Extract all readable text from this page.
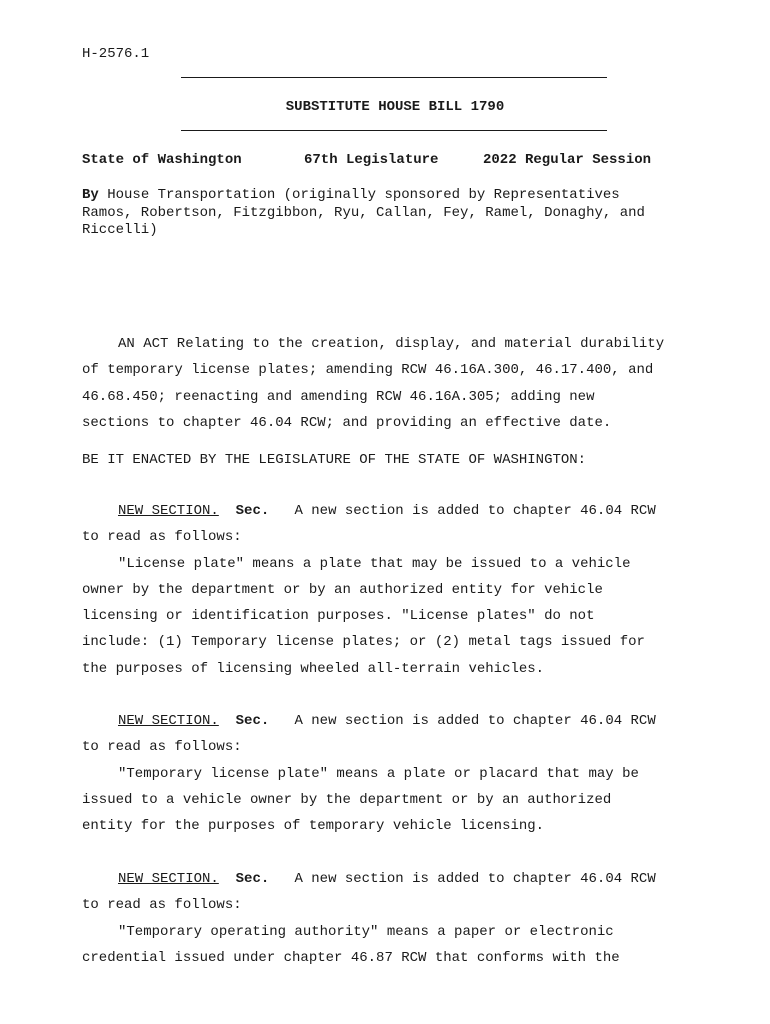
H-2576.1
SUBSTITUTE HOUSE BILL 1790
State of Washington	67th Legislature	2022 Regular Session
By House Transportation (originally sponsored by Representatives
Ramos, Robertson, Fitzgibbon, Ryu, Callan, Fey, Ramel, Donaghy, and
Riccelli)
AN ACT Relating to the creation, display, and material durability
of temporary license plates; amending RCW 46.16A.300, 46.17.400, and
46.68.450; reenacting and amending RCW 46.16A.305; adding new
sections to chapter 46.04 RCW; and providing an effective date.
BE IT ENACTED BY THE LEGISLATURE OF THE STATE OF WASHINGTON:
NEW SECTION. Sec. A new section is added to chapter 46.04 RCW
to read as follows:
"License plate" means a plate that may be issued to a vehicle
owner by the department or by an authorized entity for vehicle
licensing or identification purposes. "License plates" do not
include: (1) Temporary license plates; or (2) metal tags issued for
the purposes of licensing wheeled all-terrain vehicles.
NEW SECTION. Sec. A new section is added to chapter 46.04 RCW
to read as follows:
"Temporary license plate" means a plate or placard that may be
issued to a vehicle owner by the department or by an authorized
entity for the purposes of temporary vehicle licensing.
NEW SECTION. Sec. A new section is added to chapter 46.04 RCW
to read as follows:
"Temporary operating authority" means a paper or electronic
credential issued under chapter 46.87 RCW that conforms with the
